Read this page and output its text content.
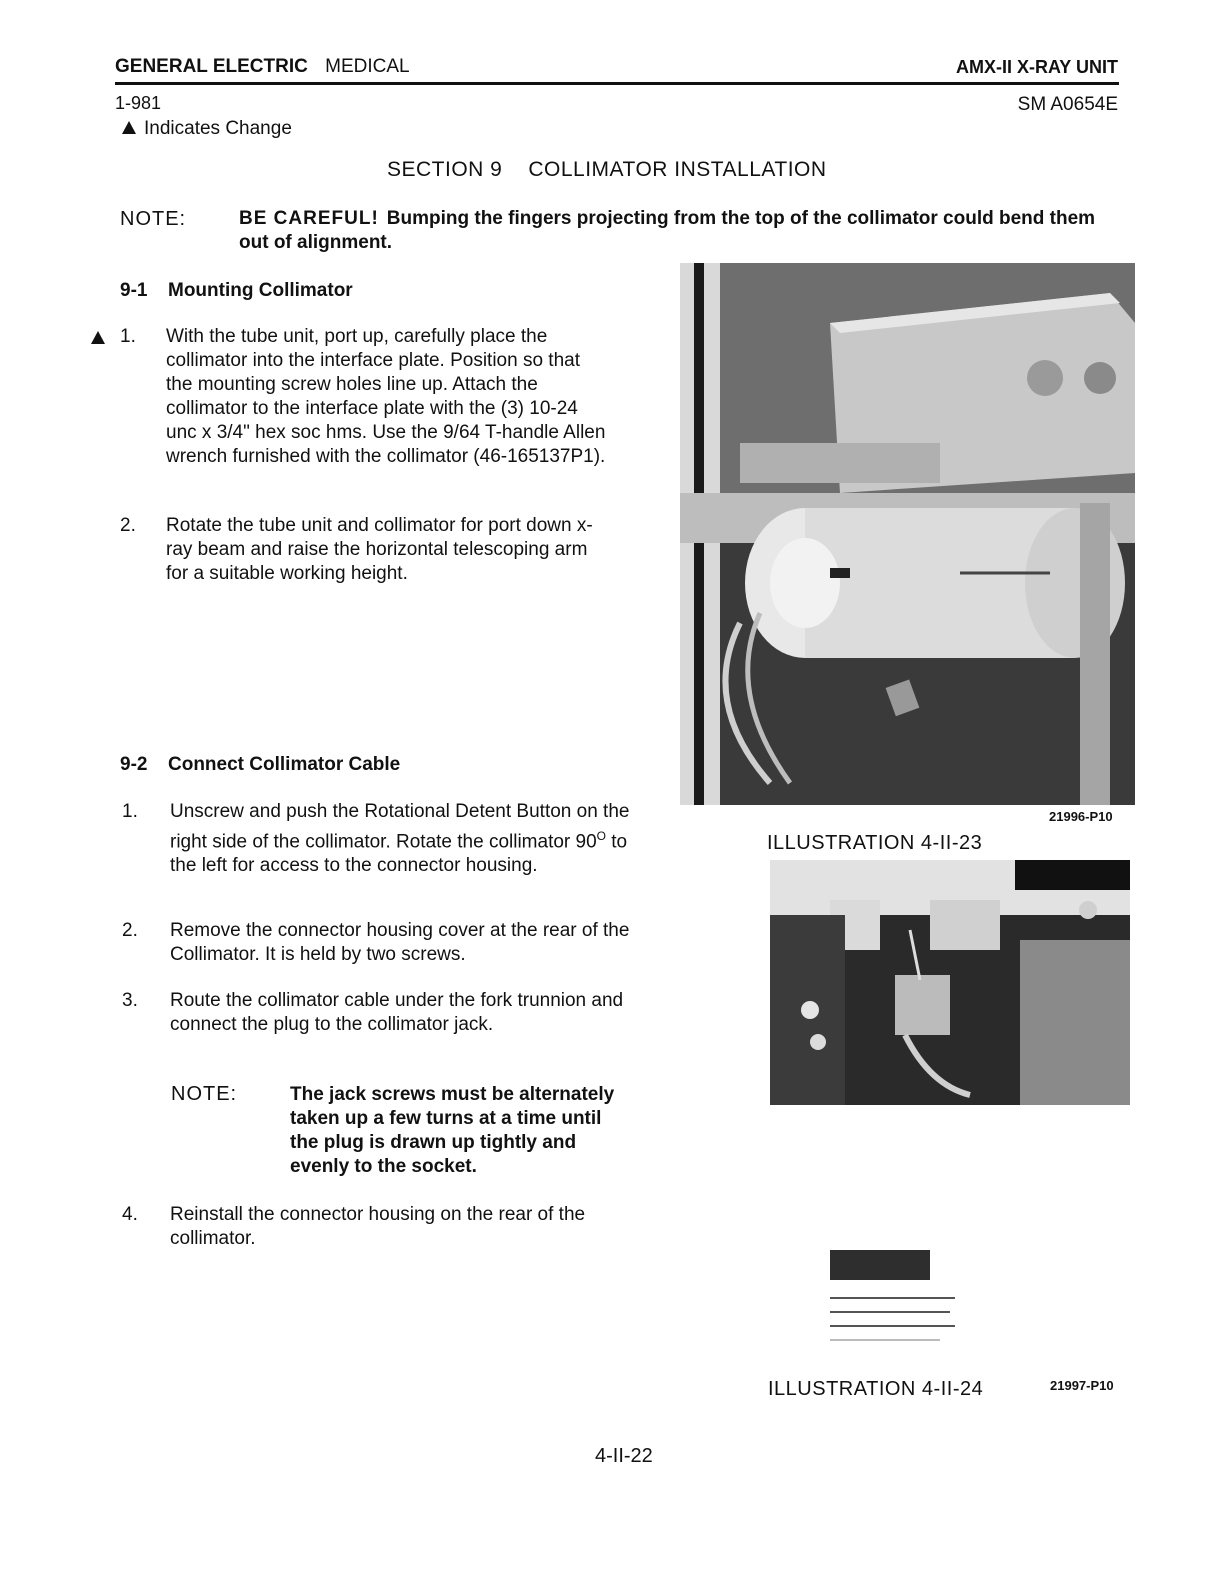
GENERAL ELECTRIC MEDICAL	AMX-II X-RAY UNIT
1-981	SM A0654E
Indicates Change
SECTION 9 COLLIMATOR INSTALLATION
NOTE:	BE CAREFUL! Bumping the fingers projecting from the top of the collimator could bend them out of alignment.
9-1 Mounting Collimator
1. With the tube unit, port up, carefully place the collimator into the interface plate. Position so that the mounting screw holes line up. Attach the collimator to the interface plate with the (3) 10-24 unc x 3/4" hex soc hms. Use the 9/64 T-handle Allen wrench furnished with the collimator (46-165137P1).
2. Rotate the tube unit and collimator for port down x-ray beam and raise the horizontal telescoping arm for a suitable working height.
9-2 Connect Collimator Cable
1. Unscrew and push the Rotational Detent Button on the right side of the collimator. Rotate the collimator $90^O$ to the left for access to the connector housing.
2. Remove the connector housing cover at the rear of the Collimator. It is held by two screws.
3. Route the collimator cable under the fork trunnion and connect the plug to the collimator jack.
NOTE:	The jack screws must be alternately taken up a few turns at a time until the plug is drawn up tightly and evenly to the socket.
4. Reinstall the connector housing on the rear of the collimator.
21996-P10
ILLUSTRATION 4-II-23
ILLUSTRATION 4-II-24	21997-P10
4-II-22
